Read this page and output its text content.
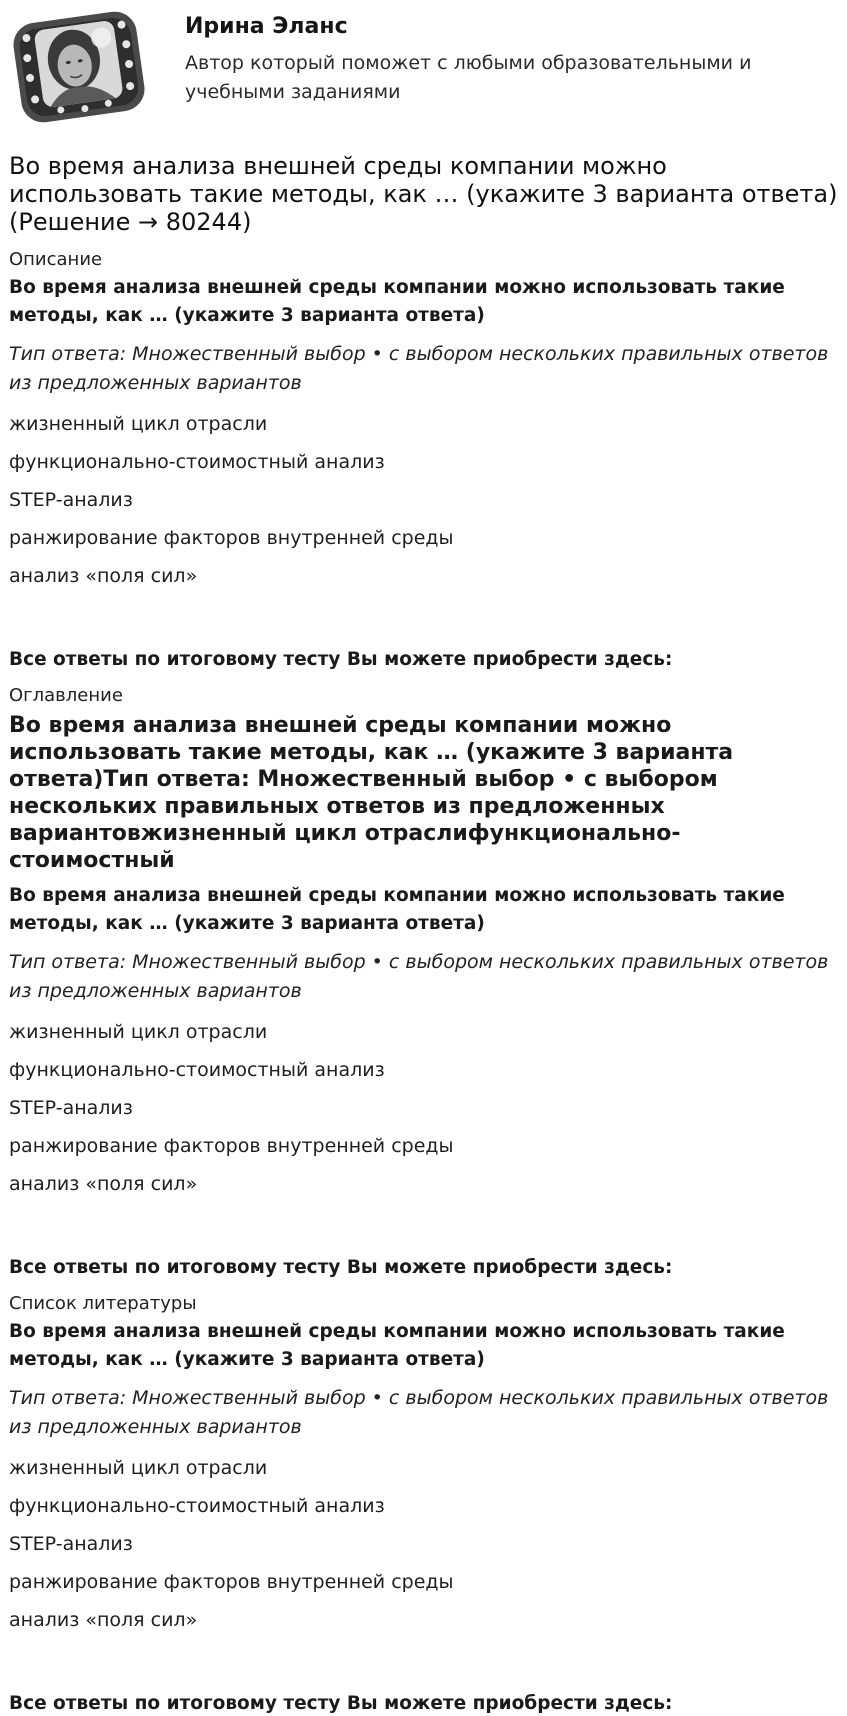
Ирина Эланс
Автор который поможет с любыми образовательными и учебными заданиями
Во время анализа внешней среды компании можно использовать такие методы, как … (укажите 3 варианта ответа) (Решение → 80244)
Описание

Во время анализа внешней среды компании можно использовать такие методы, как … (укажите 3 варианта ответа)

Тип ответа: Множественный выбор • с выбором нескольких правильных ответов из предложенных вариантов

жизненный цикл отрасли
функционально-стоимостный анализ
STEP-анализ
ранжирование факторов внутренней среды
анализ «поля сил»
Все ответы по итоговому тесту Вы можете приобрести здесь:
Оглавление
Во время анализа внешней среды компании можно использовать такие методы, как … (укажите 3 варианта ответа)Тип ответа: Множественный выбор • с выбором нескольких правильных ответов из предложенных вариантовжизненный цикл отраслифункционально-стоимостный

Во время анализа внешней среды компании можно использовать такие методы, как … (укажите 3 варианта ответа)

Тип ответа: Множественный выбор • с выбором нескольких правильных ответов из предложенных вариантов

жизненный цикл отрасли
функционально-стоимостный анализ
STEP-анализ
ранжирование факторов внутренней среды
анализ «поля сил»
Все ответы по итоговому тесту Вы можете приобрести здесь:
Список литературы

Во время анализа внешней среды компании можно использовать такие методы, как … (укажите 3 варианта ответа)

Тип ответа: Множественный выбор • с выбором нескольких правильных ответов из предложенных вариантов

жизненный цикл отрасли
функционально-стоимостный анализ
STEP-анализ
ранжирование факторов внутренней среды
анализ «поля сил»
Все ответы по итоговому тесту Вы можете приобрести здесь:
